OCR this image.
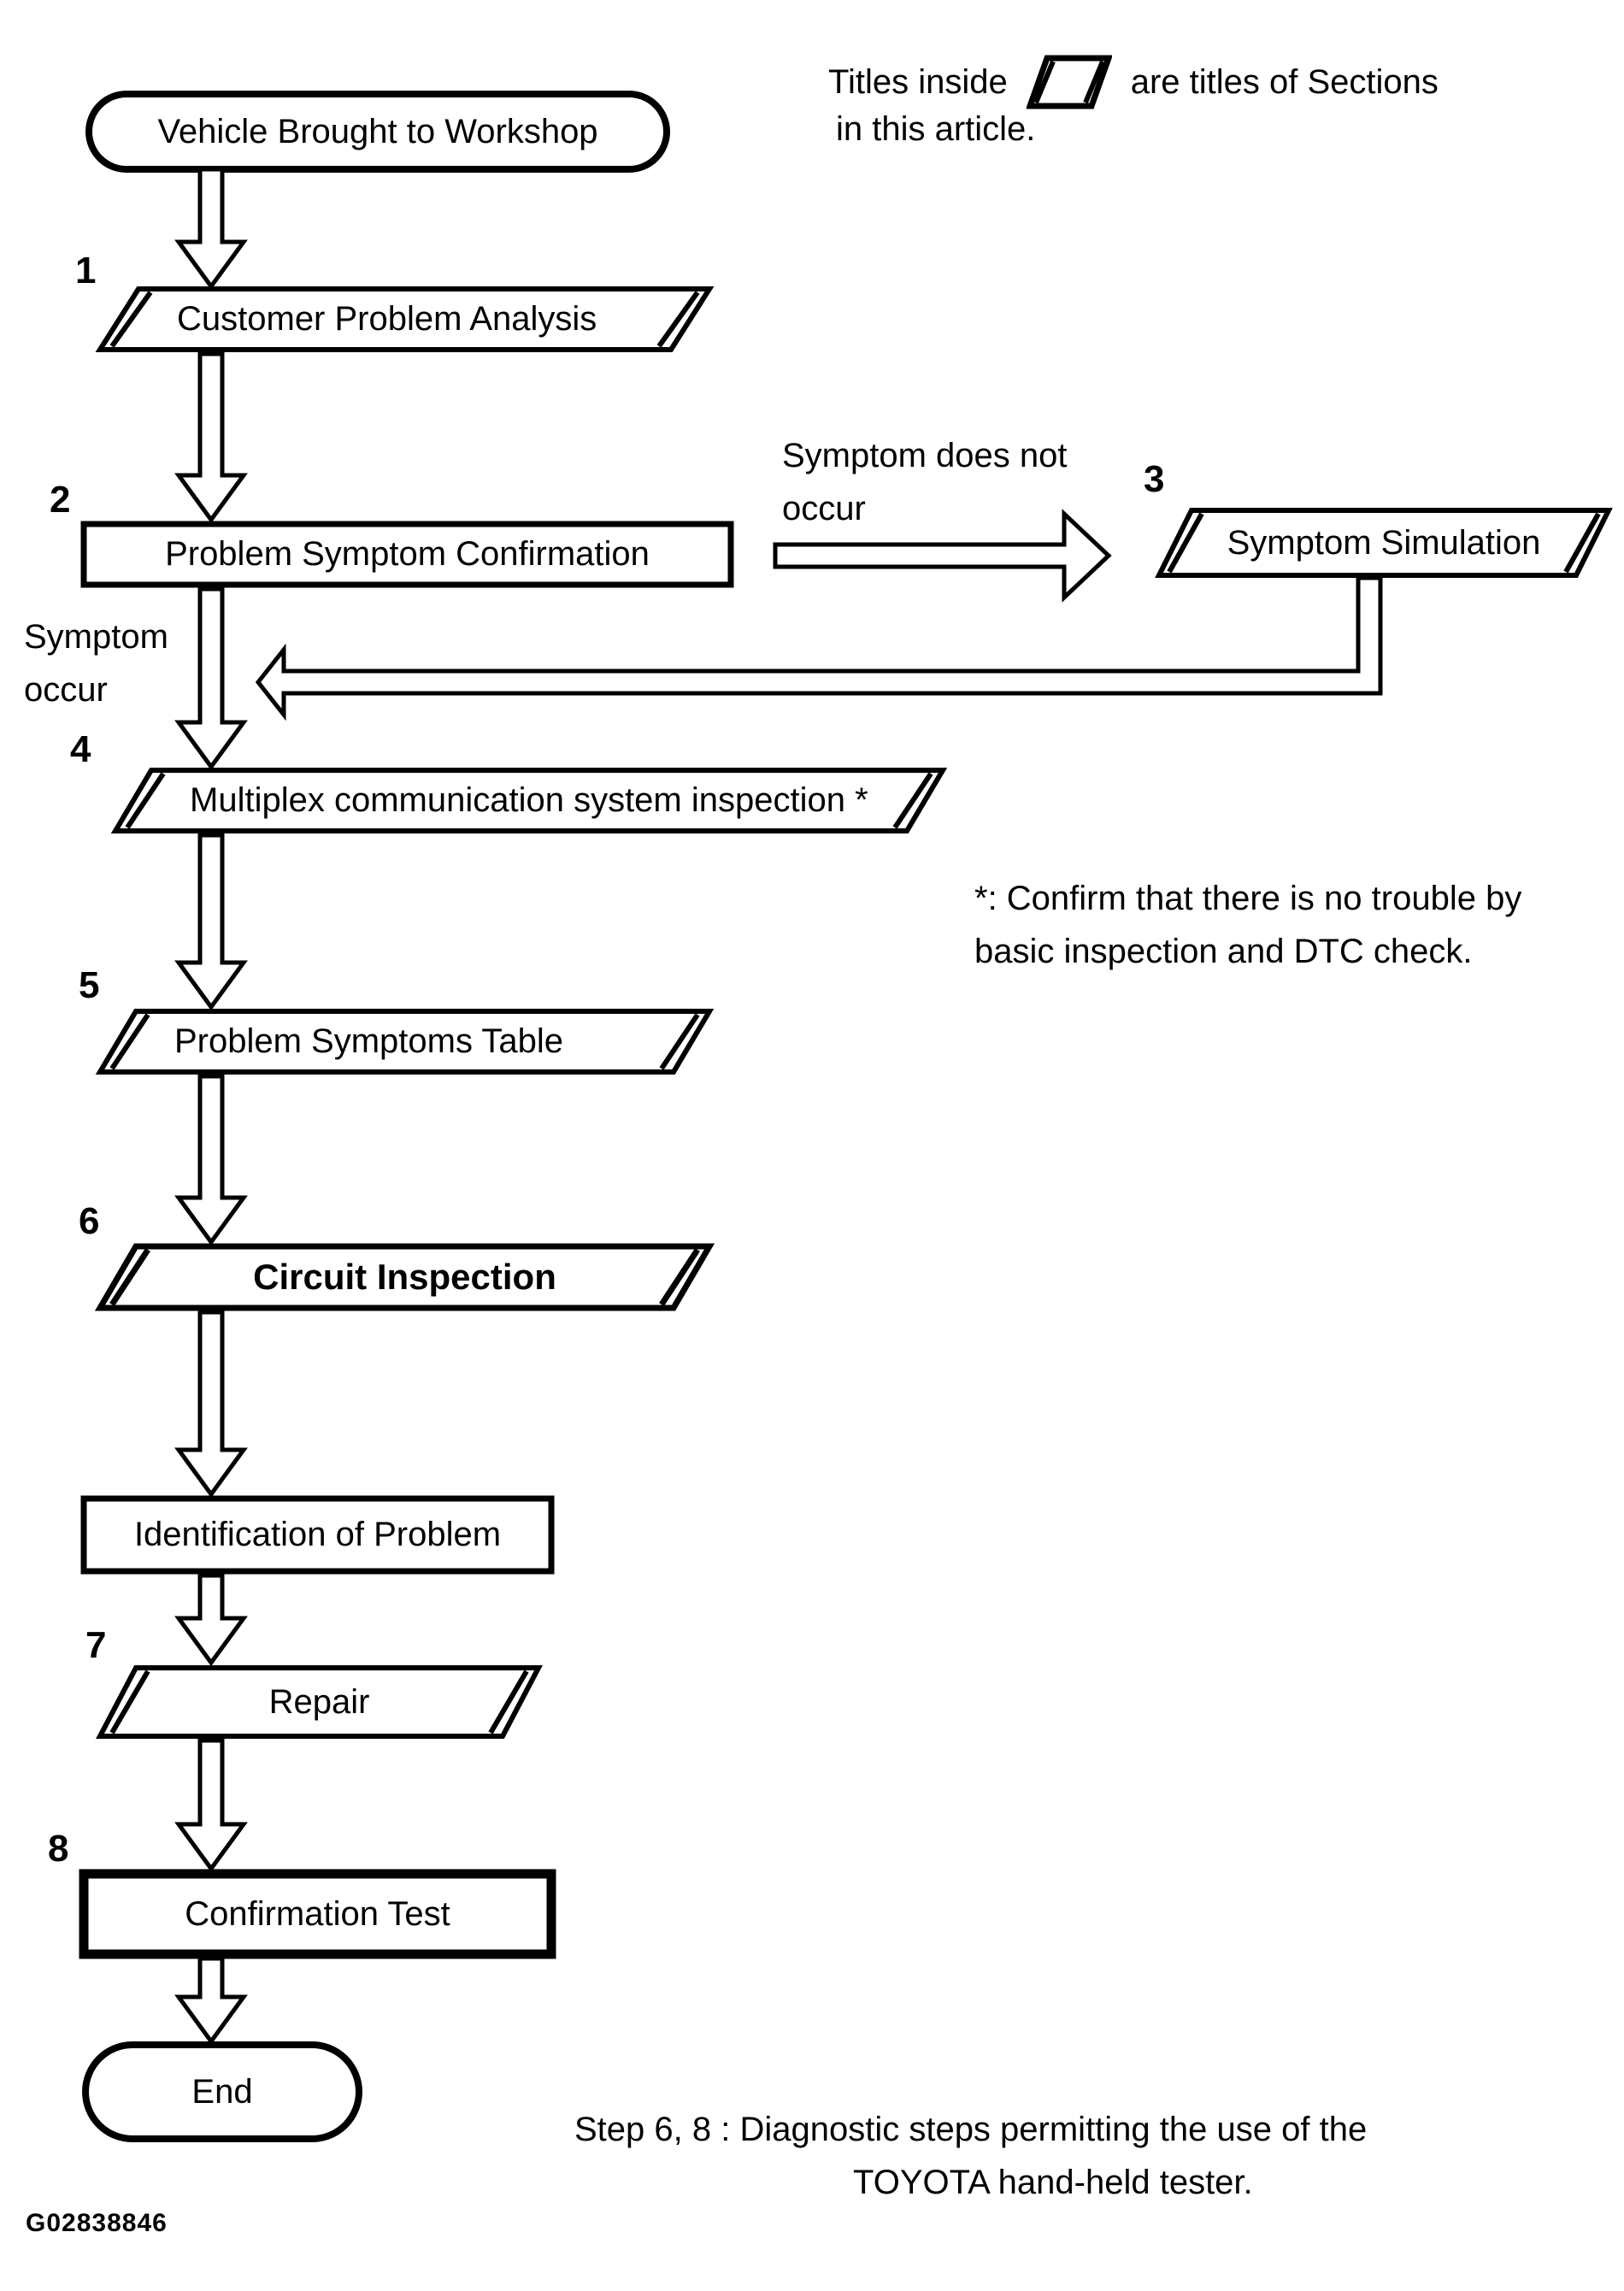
Vehicle Brought to Workshop
1
Customer Problem Analysis
2
Problem Symptom Confirmation
3
Symptom Simulation
4
Multiplex communication system inspection *
5
Problem Symptoms Table
6
Circuit Inspection
Identification of Problem
7
Repair
8
Confirmation Test
End
Titles inside	are titles of Sections
in this article.
Symptom does not
occur
Symptom
occur
*: Confirm that there is no trouble by
basic inspection and DTC check.
Step 6, 8 : Diagnostic steps permitting the use of the
TOYOTA hand-held tester.
G02838846
